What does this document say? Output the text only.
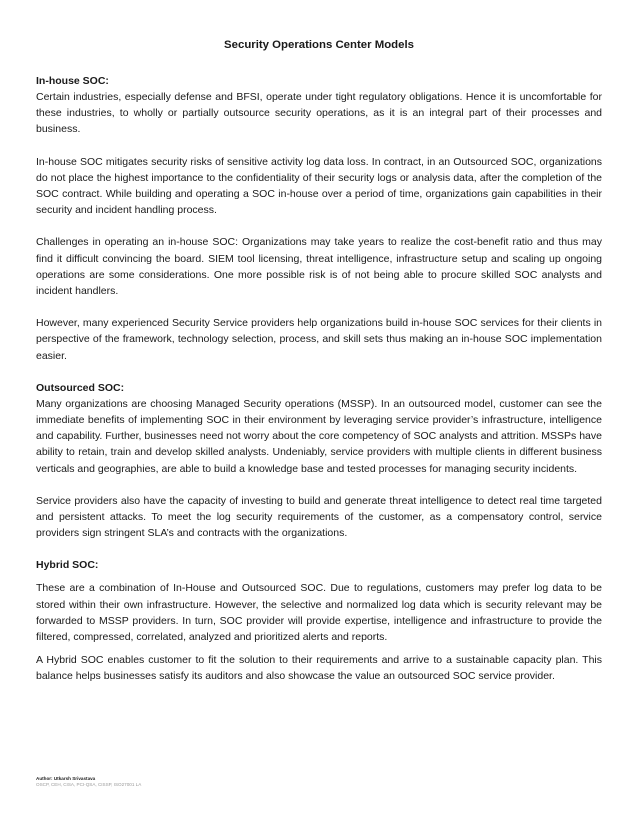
Security Operations Center Models
In-house SOC:

Certain industries, especially defense and BFSI, operate under tight regulatory obligations. Hence it is uncomfortable for these industries, to wholly or partially outsource security operations, as it is an integral part of their processes and business.

In-house SOC mitigates security risks of sensitive activity log data loss. In contract, in an Outsourced SOC, organizations do not place the highest importance to the confidentiality of their security logs or analysis data, after the completion of the SOC contract. While building and operating a SOC in-house over a period of time, organizations gain capabilities in their security and incident handling process.

Challenges in operating an in-house SOC: Organizations may take years to realize the cost-benefit ratio and thus may find it difficult convincing the board. SIEM tool licensing, threat intelligence, infrastructure setup and scaling up ongoing operations are some considerations. One more possible risk is of not being able to procure skilled SOC analysts and incident handlers.

However, many experienced Security Service providers help organizations build in-house SOC services for their clients in perspective of the framework, technology selection, process, and skill sets thus making an in-house SOC implementation easier.

Outsourced SOC:

Many organizations are choosing Managed Security operations (MSSP). In an outsourced model, customer can see the immediate benefits of implementing SOC in their environment by leveraging service provider’s infrastructure, intelligence and capability. Further, businesses need not worry about the core competency of SOC analysts and attrition. MSSPs have ability to retain, train and develop skilled analysts. Undeniably, service providers with multiple clients in different business verticals and geographies, are able to build a knowledge base and tested processes for managing security incidents.

Service providers also have the capacity of investing to build and generate threat intelligence to detect real time targeted and persistent attacks. To meet the log security requirements of the customer, as a compensatory control, service providers sign stringent SLA’s and contracts with the organizations.

Hybrid SOC:

These are a combination of In-House and Outsourced SOC. Due to regulations, customers may prefer log data to be stored within their own infrastructure. However, the selective and normalized log data which is security relevant may be forwarded to MSSP providers. In turn, SOC provider will provide expertise, intelligence and infrastructure to provide the filtered, compressed, correlated, analyzed and prioritized alerts and reports.

A Hybrid SOC enables customer to fit the solution to their requirements and arrive to a sustainable capacity plan. This balance helps businesses satisfy its auditors and also showcase the value an outsourced SOC service provider.

Author: Utkarsh Srivastava
OSCP, CEH, CISA, PCI-QSA, CISSP, ISO27001 LA
